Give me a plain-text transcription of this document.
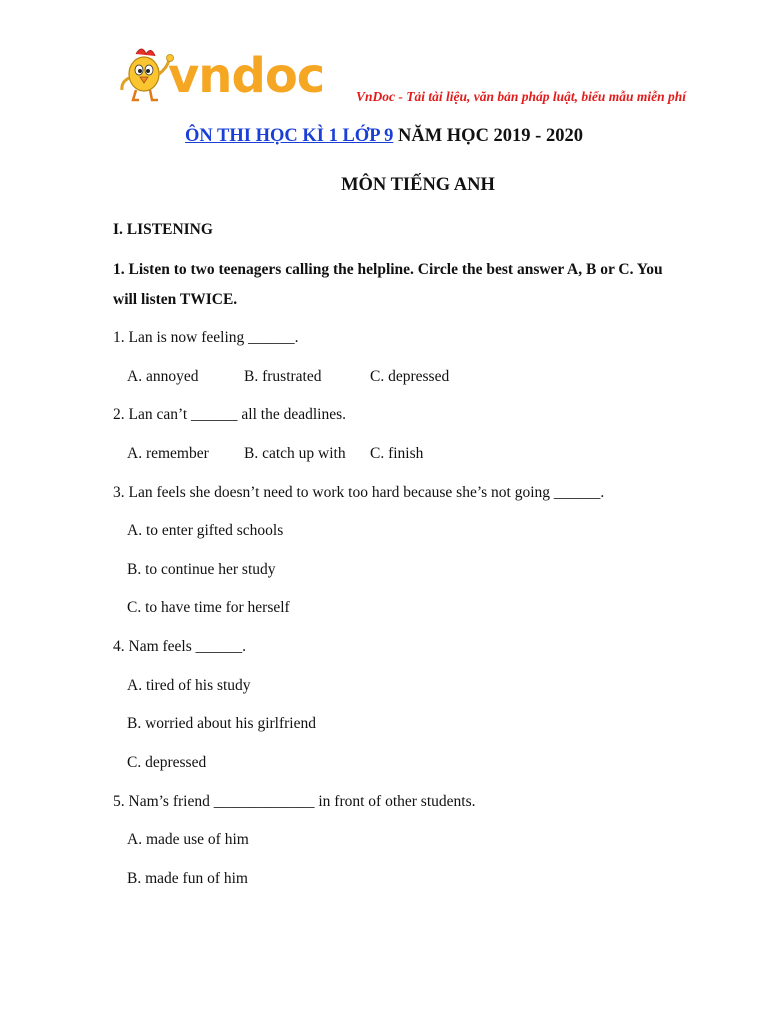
vndoc VnDoc - Tải tài liệu, văn bản pháp luật, biểu mẫu miễn phí
ÔN THI HỌC KÌ 1 LỚP 9 NĂM HỌC 2019 - 2020
MÔN TIẾNG ANH
I. LISTENING
1. Listen to two teenagers calling the helpline. Circle the best answer A, B or C. You
will listen TWICE.
1. Lan is now feeling ______.
A. annoyed	B. frustrated	C. depressed
2. Lan can’t ______ all the deadlines.
A. remember B. catch up with C. finish
3. Lan feels she doesn’t need to work too hard because she’s not going ______.
A. to enter gifted schools
B. to continue her study
C. to have time for herself
4. Nam feels ______.
A. tired of his study
B. worried about his girlfriend
C. depressed
5. Nam’s friend _____________ in front of other students.
A. made use of him
B. made fun of him
